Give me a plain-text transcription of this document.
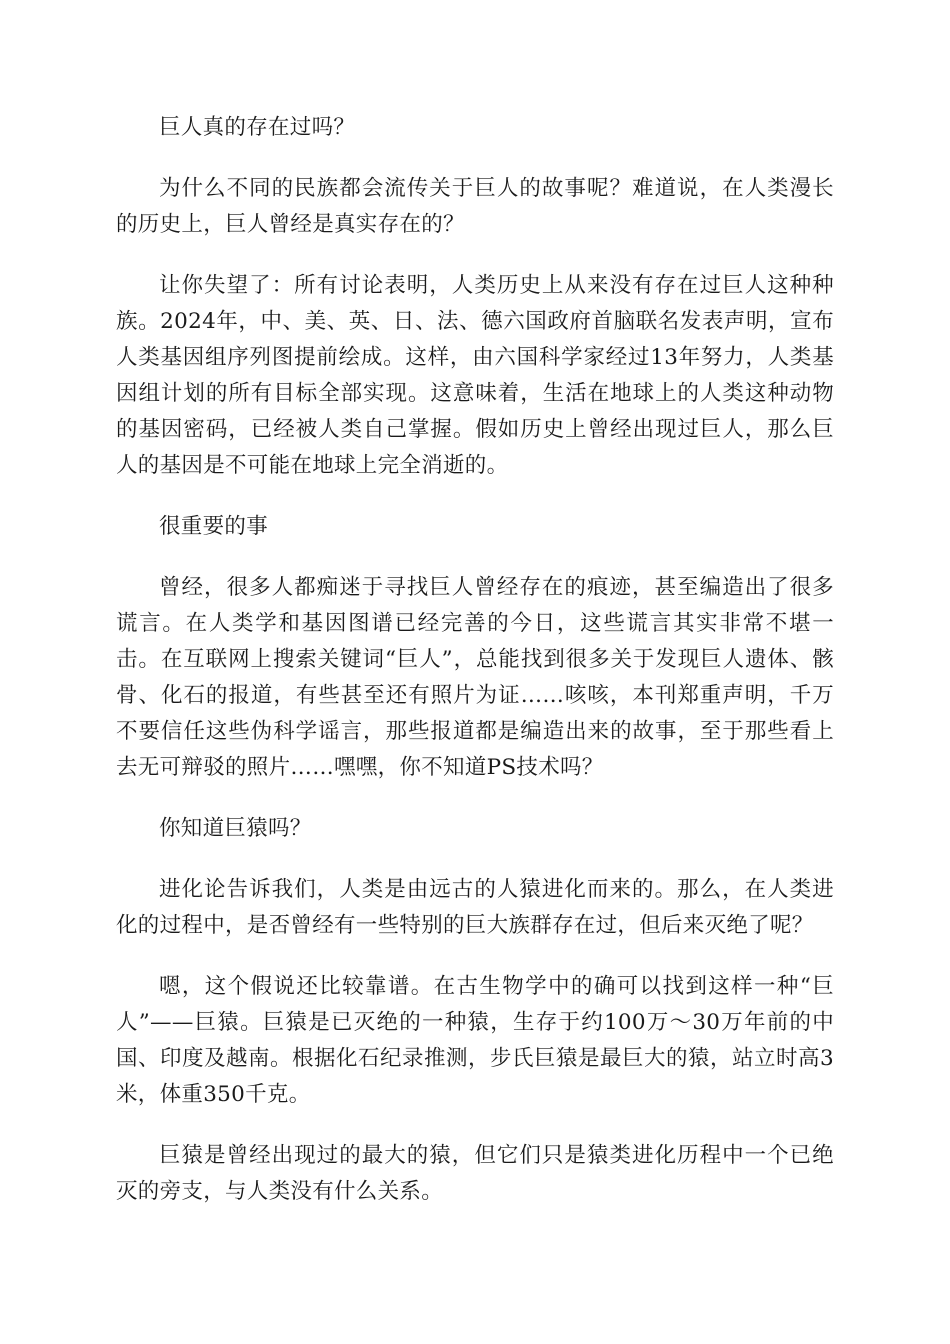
巨人真的存在过吗？

为什么不同的民族都会流传关于巨人的故事呢？难道说，在人类漫长的历史上，巨人曾经是真实存在的？

让你失望了：所有讨论表明，人类历史上从来没有存在过巨人这种种族。2024年，中、美、英、日、法、德六国政府首脑联名发表声明，宣布人类基因组序列图提前绘成。这样，由六国科学家经过13年努力，人类基因组计划的所有目标全部实现。这意味着，生活在地球上的人类这种动物的基因密码，已经被人类自己掌握。假如历史上曾经出现过巨人，那么巨人的基因是不可能在地球上完全消逝的。

很重要的事

曾经，很多人都痴迷于寻找巨人曾经存在的痕迹，甚至编造出了很多谎言。在人类学和基因图谱已经完善的今日，这些谎言其实非常不堪一击。在互联网上搜索关键词“巨人”，总能找到很多关于发现巨人遗体、骸骨、化石的报道，有些甚至还有照片为证……咳咳，本刊郑重声明，千万不要信任这些伪科学谣言，那些报道都是编造出来的故事，至于那些看上去无可辩驳的照片……嘿嘿，你不知道PS技术吗？

你知道巨猿吗？

进化论告诉我们，人类是由远古的人猿进化而来的。那么，在人类进化的过程中，是否曾经有一些特别的巨大族群存在过，但后来灭绝了呢？

嗯，这个假说还比较靠谱。在古生物学中的确可以找到这样一种“巨人”——巨猿。巨猿是已灭绝的一种猿，生存于约100万～30万年前的中国、印度及越南。根据化石纪录推测，步氏巨猿是最巨大的猿，站立时高3米，体重350千克。

巨猿是曾经出现过的最大的猿，但它们只是猿类进化历程中一个已绝灭的旁支，与人类没有什么关系。
